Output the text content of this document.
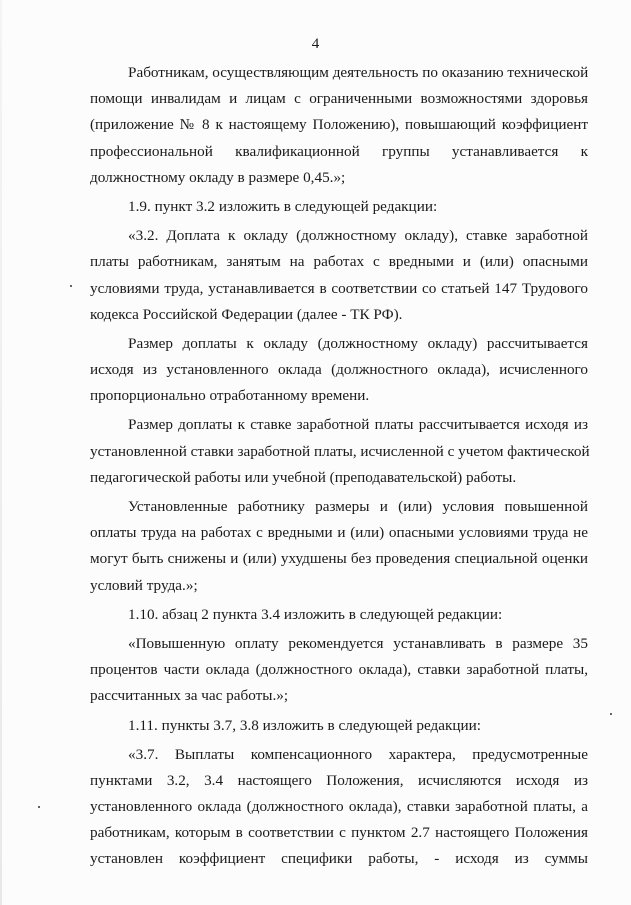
4
Работникам, осуществляющим деятельность по оказанию технической
помощи инвалидам и лицам с ограниченными возможностями здоровья
(приложение № 8 к настоящему Положению), повышающий коэффициент
профессиональной квалификационной группы устанавливается к
должностному окладу в размере 0,45.»;
1.9. пункт 3.2 изложить в следующей редакции:
«3.2. Доплата к окладу (должностному окладу), ставке заработной
платы работникам, занятым на работах с вредными и (или) опасными
условиями труда, устанавливается в соответствии со статьей 147 Трудового
кодекса Российской Федерации (далее - ТК РФ).
Размер доплаты к окладу (должностному окладу) рассчитывается
исходя из установленного оклада (должностного оклада), исчисленного
пропорционально отработанному времени.
Размер доплаты к ставке заработной платы рассчитывается исходя из
установленной ставки заработной платы, исчисленной с учетом фактической
педагогической работы или учебной (преподавательской) работы.
Установленные работнику размеры и (или) условия повышенной
оплаты труда на работах с вредными и (или) опасными условиями труда не
могут быть снижены и (или) ухудшены без проведения специальной оценки
условий труда.»;
1.10. абзац 2 пункта 3.4 изложить в следующей редакции:
«Повышенную оплату рекомендуется устанавливать в размере 35
процентов части оклада (должностного оклада), ставки заработной платы,
рассчитанных за час работы.»;
1.11. пункты 3.7, 3.8 изложить в следующей редакции:
«3.7. Выплаты компенсационного характера, предусмотренные
пунктами 3.2, 3.4 настоящего Положения, исчисляются исходя из
установленного оклада (должностного оклада), ставки заработной платы, а
работникам, которым в соответствии с пунктом 2.7 настоящего Положения
установлен коэффициент специфики работы, - исходя из суммы
